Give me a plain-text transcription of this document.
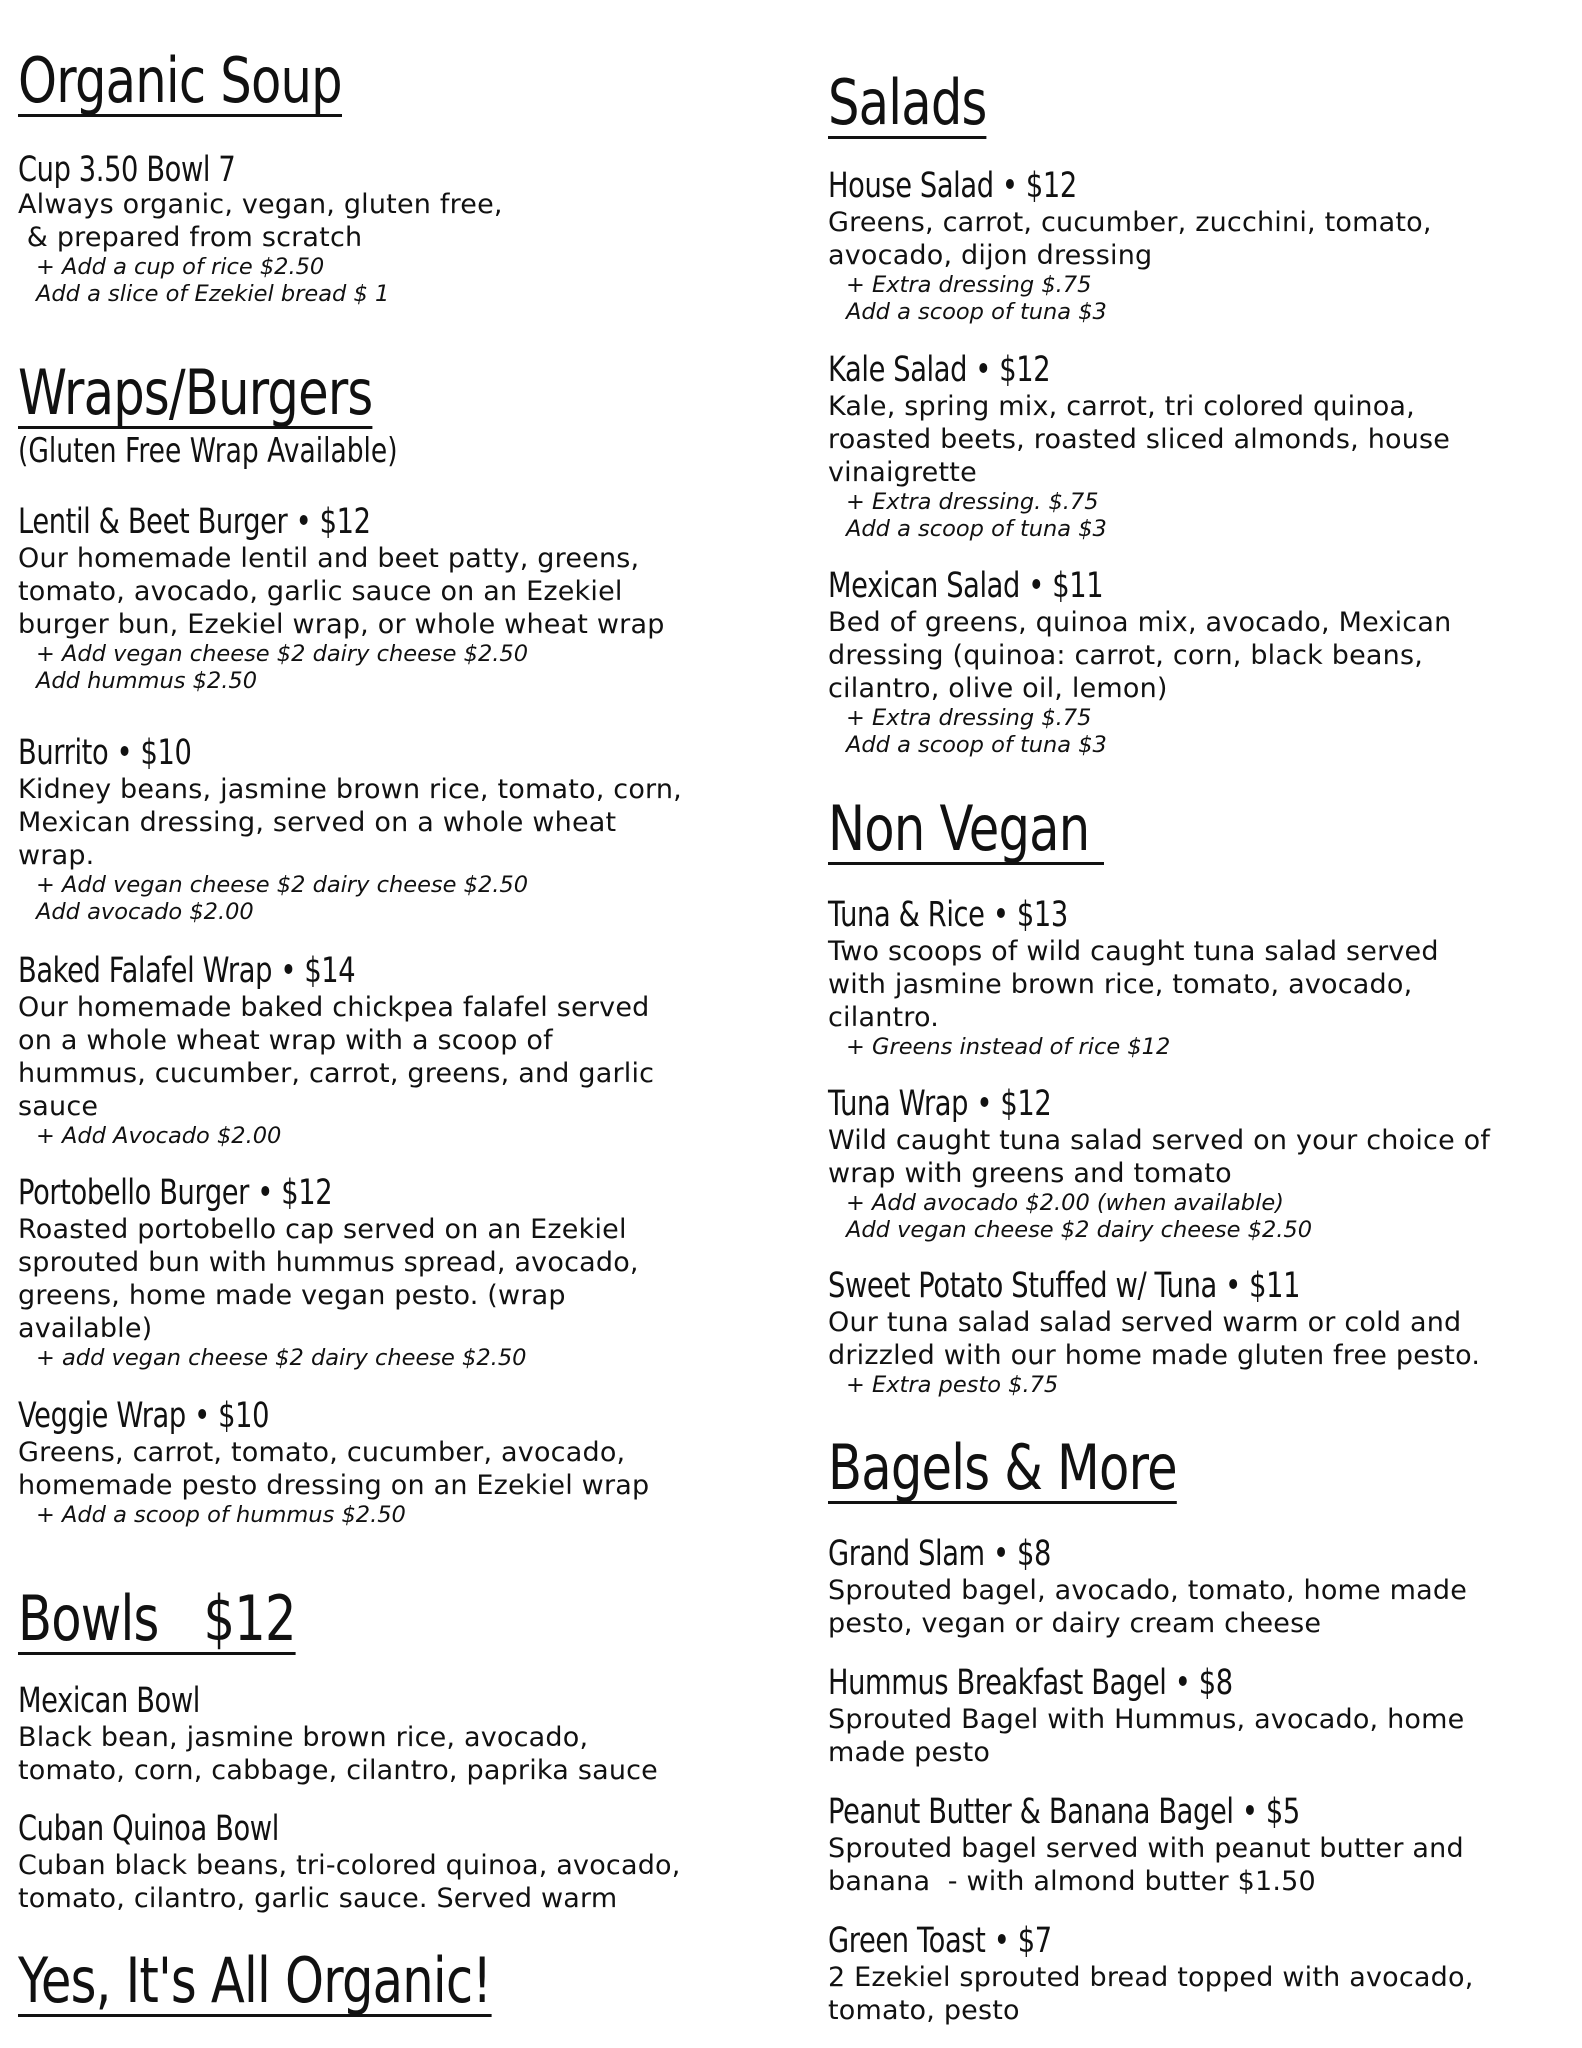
Organic Soup
Cup 3.50 Bowl 7
Always organic, vegan, gluten free,
& prepared from scratch
+ Add a cup of rice $2.50
Add a slice of Ezekiel bread $ 1
Wraps/Burgers
(Gluten Free Wrap Available)
Lentil & Beet Burger • $12
Our homemade lentil and beet patty, greens,
tomato, avocado, garlic sauce on an Ezekiel
burger bun, Ezekiel wrap, or whole wheat wrap
+ Add vegan cheese $2 dairy cheese $2.50
Add hummus $2.50
Burrito • $10
Kidney beans, jasmine brown rice, tomato, corn,
Mexican dressing, served on a whole wheat
wrap.
+ Add vegan cheese $2 dairy cheese $2.50
Add avocado $2.00
Baked Falafel Wrap • $14
Our homemade baked chickpea falafel served
on a whole wheat wrap with a scoop of
hummus, cucumber, carrot, greens, and garlic
sauce
+ Add Avocado $2.00
Portobello Burger • $12
Roasted portobello cap served on an Ezekiel
sprouted bun with hummus spread, avocado,
greens, home made vegan pesto. (wrap
available)
+ add vegan cheese $2 dairy cheese $2.50
Veggie Wrap • $10
Greens, carrot, tomato, cucumber, avocado,
homemade pesto dressing on an Ezekiel wrap
+ Add a scoop of hummus $2.50
Bowls   $12
Mexican Bowl
Black bean, jasmine brown rice, avocado,
tomato, corn, cabbage, cilantro, paprika sauce
Cuban Quinoa Bowl
Cuban black beans, tri-colored quinoa, avocado,
tomato, cilantro, garlic sauce. Served warm
Yes, It's All Organic!
Salads
House Salad • $12
Greens, carrot, cucumber, zucchini, tomato,
avocado, dijon dressing
+ Extra dressing $.75
Add a scoop of tuna $3
Kale Salad • $12
Kale, spring mix, carrot, tri colored quinoa,
roasted beets, roasted sliced almonds, house
vinaigrette
+ Extra dressing. $.75
Add a scoop of tuna $3
Mexican Salad • $11
Bed of greens, quinoa mix, avocado, Mexican
dressing (quinoa: carrot, corn, black beans,
cilantro, olive oil, lemon)
+ Extra dressing $.75
Add a scoop of tuna $3
Non Vegan
Tuna & Rice • $13
Two scoops of wild caught tuna salad served
with jasmine brown rice, tomato, avocado,
cilantro.
+ Greens instead of rice $12
Tuna Wrap • $12
Wild caught tuna salad served on your choice of
wrap with greens and tomato
+ Add avocado $2.00 (when available)
Add vegan cheese $2 dairy cheese $2.50
Sweet Potato Stuffed w/ Tuna • $11
Our tuna salad salad served warm or cold and
drizzled with our home made gluten free pesto.
+ Extra pesto $.75
Bagels & More
Grand Slam • $8
Sprouted bagel, avocado, tomato, home made
pesto, vegan or dairy cream cheese
Hummus Breakfast Bagel • $8
Sprouted Bagel with Hummus, avocado, home
made pesto
Peanut Butter & Banana Bagel • $5
Sprouted bagel served with peanut butter and
banana  - with almond butter $1.50
Green Toast • $7
2 Ezekiel sprouted bread topped with avocado,
tomato, pesto
